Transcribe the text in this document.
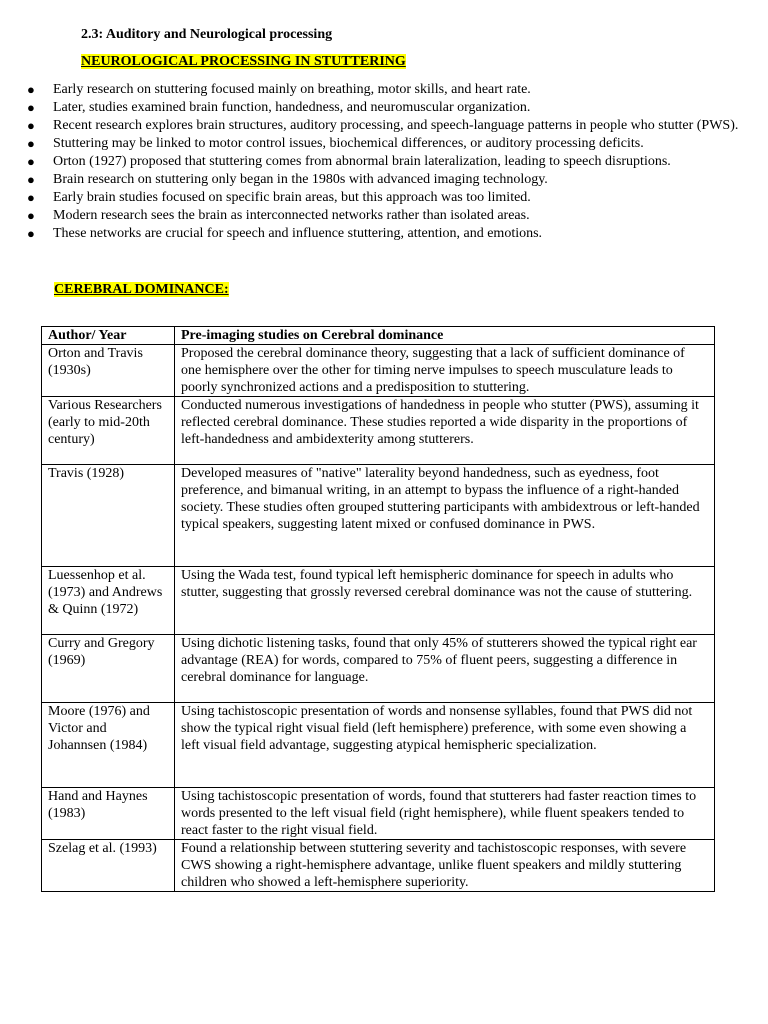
2.3: Auditory and Neurological processing
NEUROLOGICAL PROCESSING IN STUTTERING
● Early research on stuttering focused mainly on breathing, motor skills, and heart rate.
● Later, studies examined brain function, handedness, and neuromuscular organization.
● Recent research explores brain structures, auditory processing, and speech-language patterns in people who stutter (PWS).
● Stuttering may be linked to motor control issues, biochemical differences, or auditory processing deficits.
● Orton (1927) proposed that stuttering comes from abnormal brain lateralization, leading to speech disruptions.
● Brain research on stuttering only began in the 1980s with advanced imaging technology.
● Early brain studies focused on specific brain areas, but this approach was too limited.
● Modern research sees the brain as interconnected networks rather than isolated areas.
● These networks are crucial for speech and influence stuttering, attention, and emotions.
CEREBRAL DOMINANCE:
Author/ Year	Pre-imaging studies on Cerebral dominance
Orton and Travis (1930s)	Proposed the cerebral dominance theory, suggesting that a lack of sufficient dominance of one hemisphere over the other for timing nerve impulses to speech musculature leads to poorly synchronized actions and a predisposition to stuttering.
Various Researchers (early to mid-20th century)	Conducted numerous investigations of handedness in people who stutter (PWS), assuming it reflected cerebral dominance. These studies reported a wide disparity in the proportions of left-handedness and ambidexterity among stutterers.
Travis (1928)	Developed measures of "native" laterality beyond handedness, such as eyedness, foot preference, and bimanual writing, in an attempt to bypass the influence of a right-handed society. These studies often grouped stuttering participants with ambidextrous or left-handed typical speakers, suggesting latent mixed or confused dominance in PWS.
Luessenhop et al. (1973) and Andrews & Quinn (1972)	Using the Wada test, found typical left hemispheric dominance for speech in adults who stutter, suggesting that grossly reversed cerebral dominance was not the cause of stuttering.
Curry and Gregory (1969)	Using dichotic listening tasks, found that only 45% of stutterers showed the typical right ear advantage (REA) for words, compared to 75% of fluent peers, suggesting a difference in cerebral dominance for language.
Moore (1976) and Victor and Johannsen (1984)	Using tachistoscopic presentation of words and nonsense syllables, found that PWS did not show the typical right visual field (left hemisphere) preference, with some even showing a left visual field advantage, suggesting atypical hemispheric specialization.
Hand and Haynes (1983)	Using tachistoscopic presentation of words, found that stutterers had faster reaction times to words presented to the left visual field (right hemisphere), while fluent speakers tended to react faster to the right visual field.
Szelag et al. (1993)	Found a relationship between stuttering severity and tachistoscopic responses, with severe CWS showing a right-hemisphere advantage, unlike fluent speakers and mildly stuttering children who showed a left-hemisphere superiority.
